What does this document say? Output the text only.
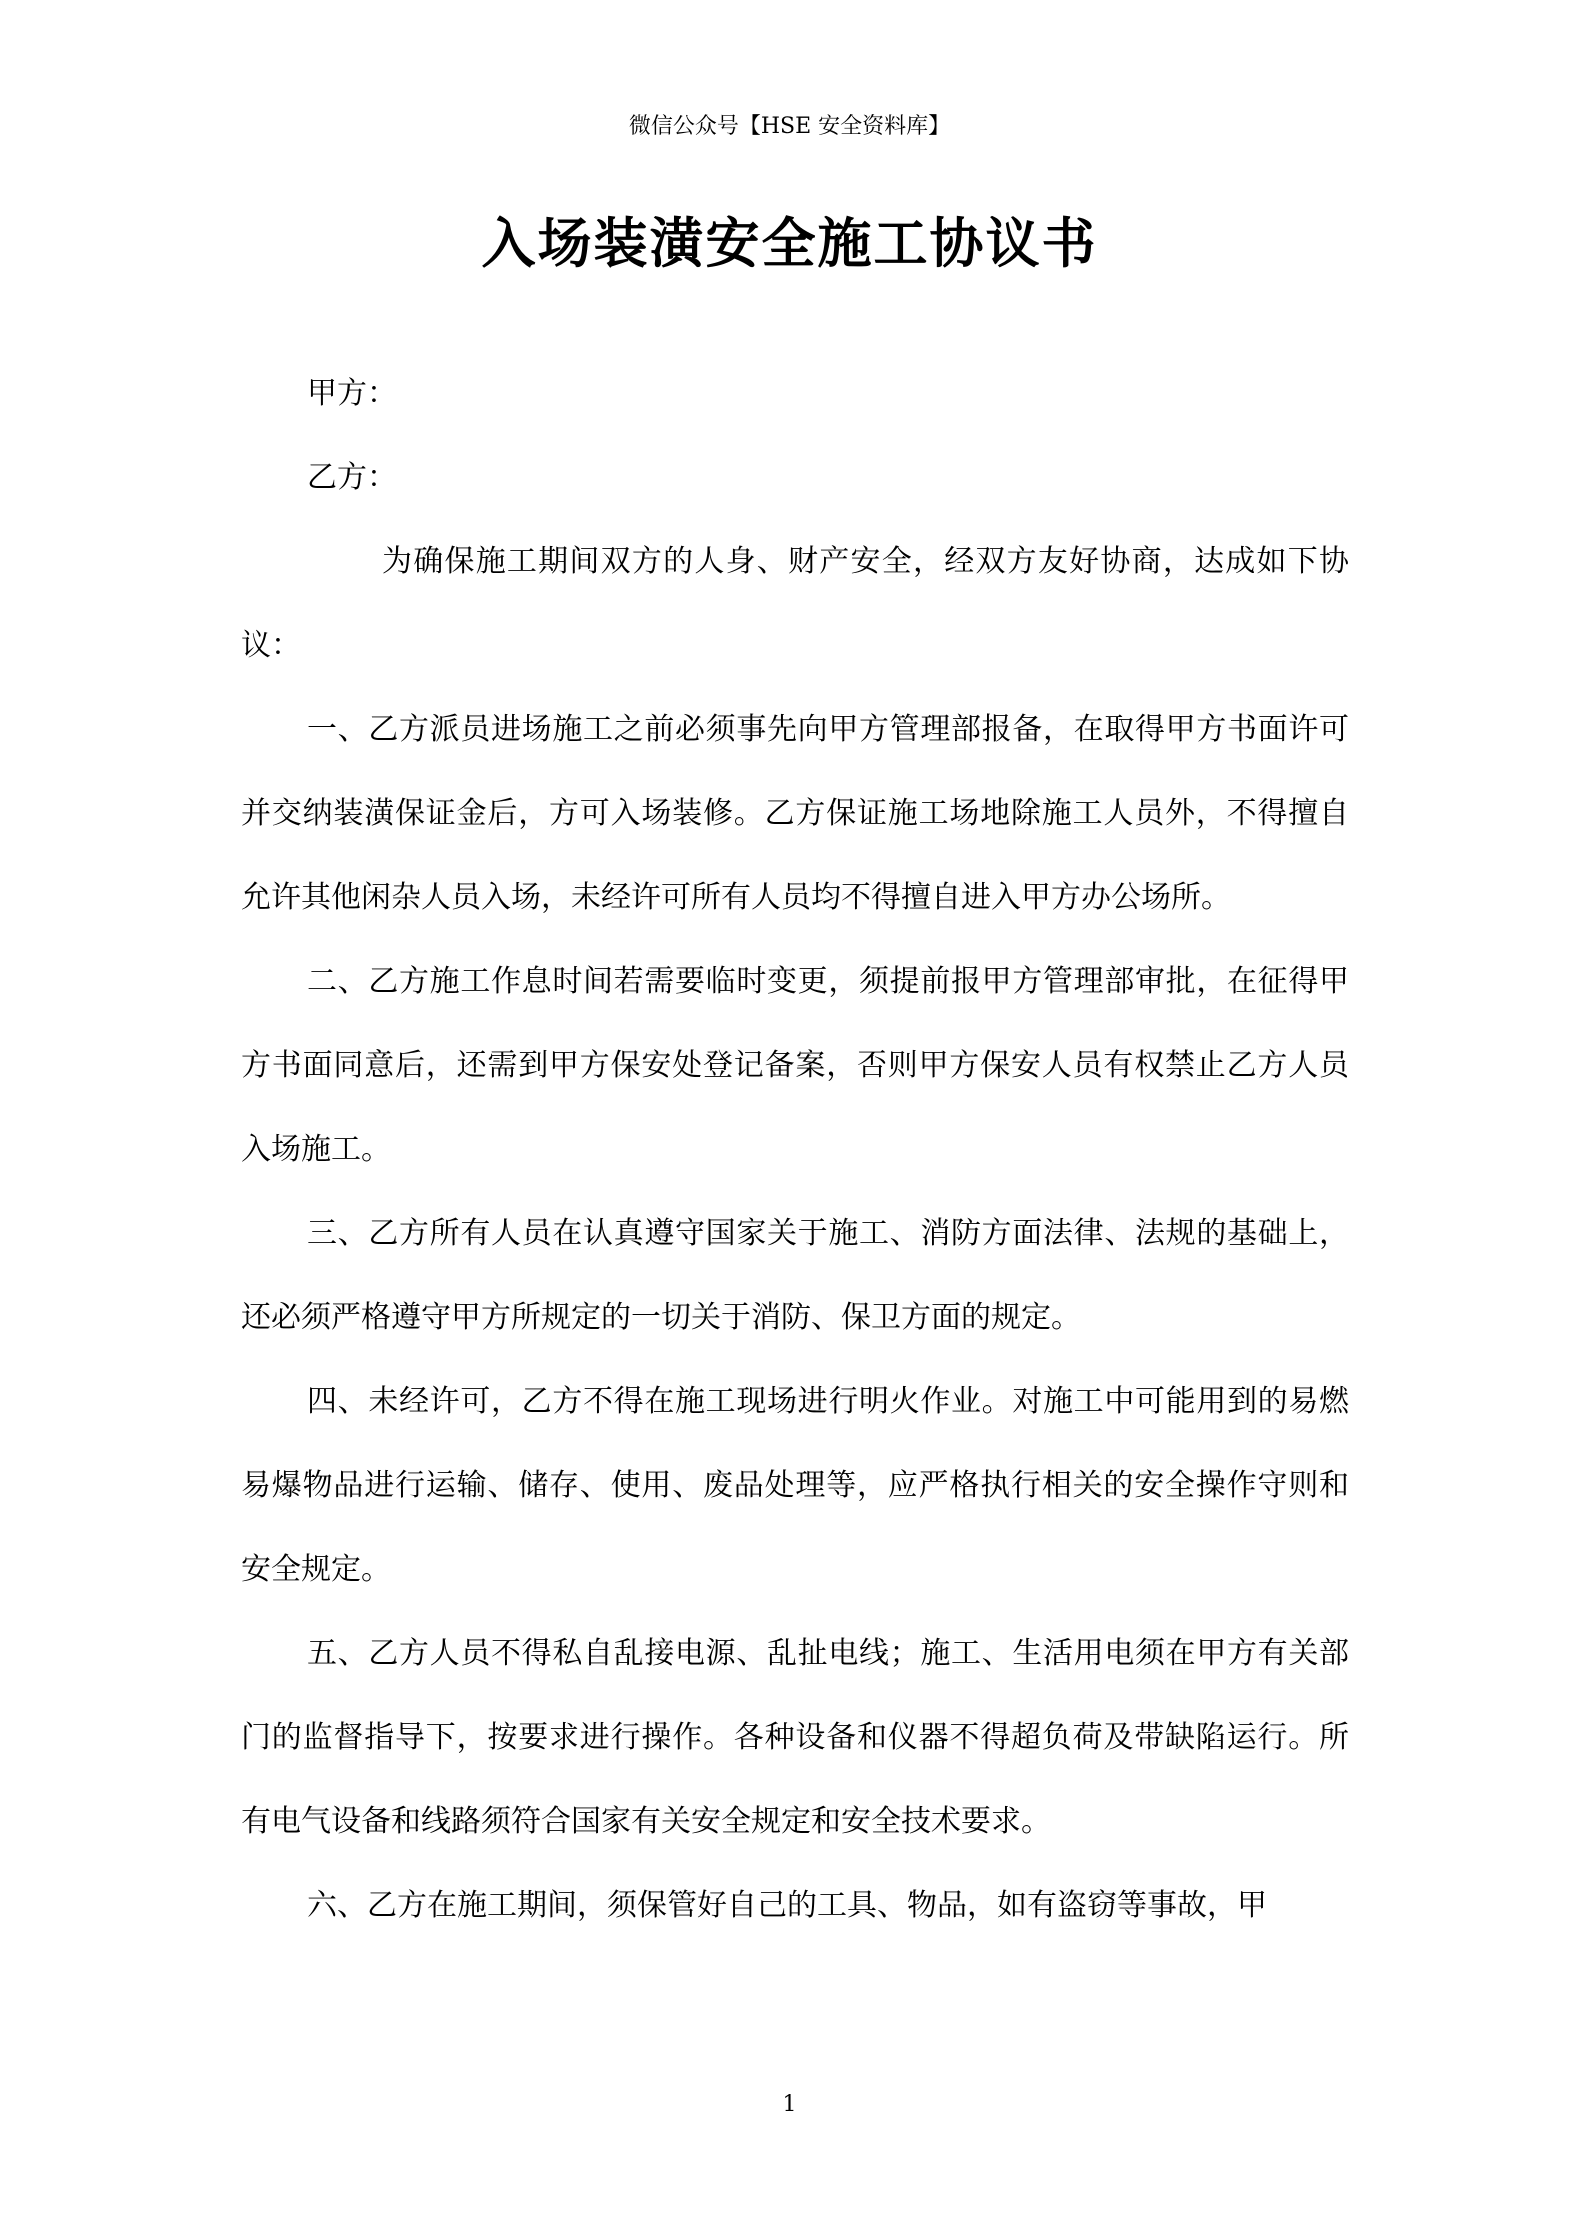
微信公众号【HSE 安全资料库】
入场装潢安全施工协议书

甲方：

乙方：

为确保施工期间双方的人身、财产安全，经双方友好协商，达成如下协议：

一、乙方派员进场施工之前必须事先向甲方管理部报备，在取得甲方书面许可并交纳装潢保证金后，方可入场装修。乙方保证施工场地除施工人员外，不得擅自允许其他闲杂人员入场，未经许可所有人员均不得擅自进入甲方办公场所。

二、乙方施工作息时间若需要临时变更，须提前报甲方管理部审批，在征得甲方书面同意后，还需到甲方保安处登记备案，否则甲方保安人员有权禁止乙方人员入场施工。

三、乙方所有人员在认真遵守国家关于施工、消防方面法律、法规的基础上，还必须严格遵守甲方所规定的一切关于消防、保卫方面的规定。

四、未经许可，乙方不得在施工现场进行明火作业。对施工中可能用到的易燃易爆物品进行运输、储存、使用、废品处理等，应严格执行相关的安全操作守则和安全规定。

五、乙方人员不得私自乱接电源、乱扯电线；施工、生活用电须在甲方有关部门的监督指导下，按要求进行操作。各种设备和仪器不得超负荷及带缺陷运行。所有电气设备和线路须符合国家有关安全规定和安全技术要求。

六、乙方在施工期间，须保管好自己的工具、物品，如有盗窃等事故，甲

1
